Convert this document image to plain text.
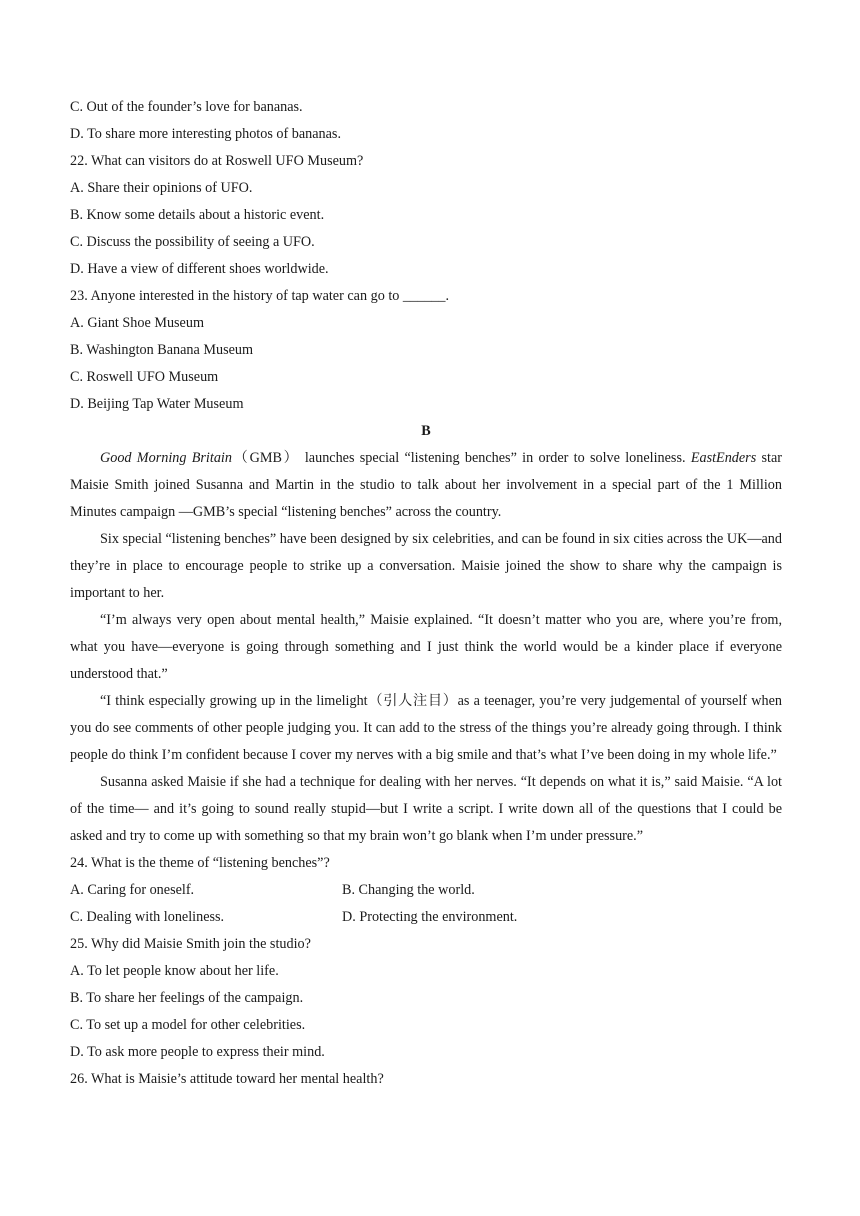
C. Out of the founder’s love for bananas.
D. To share more interesting photos of bananas.
22. What can visitors do at Roswell UFO Museum?
A. Share their opinions of UFO.
B. Know some details about a historic event.
C. Discuss the possibility of seeing a UFO.
D. Have a view of different shoes worldwide.
23. Anyone interested in the history of tap water can go to ______.
A. Giant Shoe Museum
B. Washington Banana Museum
C. Roswell UFO Museum
D. Beijing Tap Water Museum
B
Good Morning Britain（GMB） launches special “listening benches” in order to solve loneliness. EastEnders star Maisie Smith joined Susanna and Martin in the studio to talk about her involvement in a special part of the 1 Million Minutes campaign —GMB’s special “listening benches” across the country.
Six special “listening benches” have been designed by six celebrities, and can be found in six cities across the UK—and they’re in place to encourage people to strike up a conversation. Maisie joined the show to share why the campaign is important to her.
“I’m always very open about mental health,” Maisie explained. “It doesn’t matter who you are, where you’re from, what you have—everyone is going through something and I just think the world would be a kinder place if everyone understood that.”
“I think especially growing up in the limelight（引人注目）as a teenager, you’re very judgemental of yourself when you do see comments of other people judging you. It can add to the stress of the things you’re already going through. I think people do think I’m confident because I cover my nerves with a big smile and that’s what I’ve been doing in my whole life.”
Susanna asked Maisie if she had a technique for dealing with her nerves. “It depends on what it is,” said Maisie. “A lot of the time— and it’s going to sound really stupid—but I write a script. I write down all of the questions that I could be asked and try to come up with something so that my brain won’t go blank when I’m under pressure.”
24. What is the theme of “listening benches”?
A. Caring for oneself.	B. Changing the world.
C. Dealing with loneliness.	D. Protecting the environment.
25. Why did Maisie Smith join the studio?
A. To let people know about her life.
B. To share her feelings of the campaign.
C. To set up a model for other celebrities.
D. To ask more people to express their mind.
26. What is Maisie’s attitude toward her mental health?
